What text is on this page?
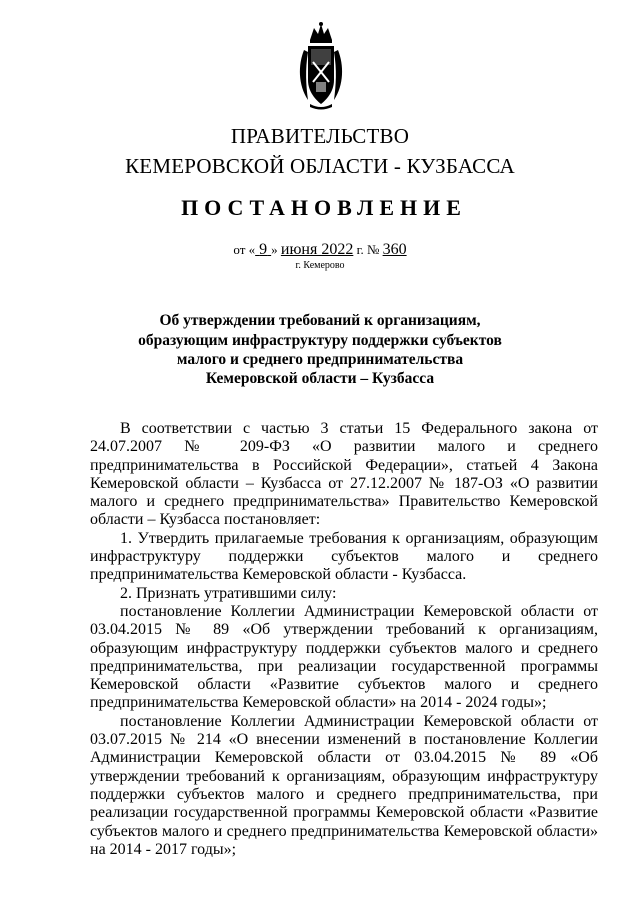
ПРАВИТЕЛЬСТВО
КЕМЕРОВСКОЙ ОБЛАСТИ - КУЗБАССА
ПОСТАНОВЛЕНИЕ
от « 9 » июня 2022 г. № 360
г. Кемерово
Об утверждении требований к организациям,
образующим инфраструктуру поддержки субъектов
малого и среднего предпринимательства
Кемеровской области – Кузбасса

В соответствии с частью 3 статьи 15 Федерального закона от 24.07.2007 № 209-ФЗ «О развитии малого и среднего предпринимательства в Российской Федерации», статьей 4 Закона Кемеровской области – Кузбасса от 27.12.2007 № 187-ОЗ «О развитии малого и среднего предпринимательства» Правительство Кемеровской области – Кузбасса постановляет:

1. Утвердить прилагаемые требования к организациям, образующим инфраструктуру поддержки субъектов малого и среднего предпринимательства Кемеровской области - Кузбасса.

2. Признать утратившими силу:

постановление Коллегии Администрации Кемеровской области от 03.04.2015 № 89 «Об утверждении требований к организациям, образующим инфраструктуру поддержки субъектов малого и среднего предпринимательства, при реализации государственной программы Кемеровской области «Развитие субъектов малого и среднего предпринимательства Кемеровской области» на 2014 - 2024 годы»;

постановление Коллегии Администрации Кемеровской области от 03.07.2015 № 214 «О внесении изменений в постановление Коллегии Администрации Кемеровской области от 03.04.2015 № 89 «Об утверждении требований к организациям, образующим инфраструктуру поддержки субъектов малого и среднего предпринимательства, при реализации государственной программы Кемеровской области «Развитие субъектов малого и среднего предпринимательства Кемеровской области» на 2014 - 2017 годы»;
